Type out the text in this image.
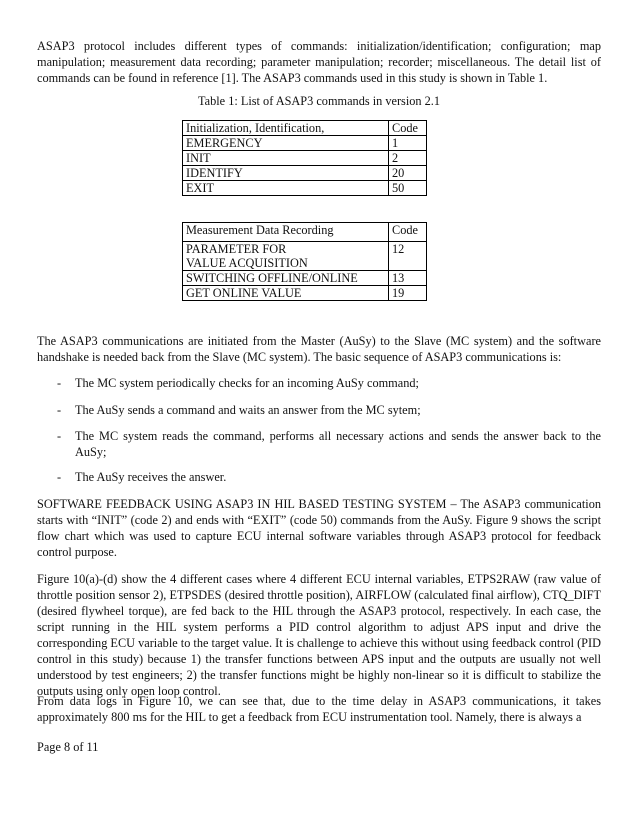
ASAP3 protocol includes different types of commands: initialization/identification; configuration; map manipulation; measurement data recording; parameter manipulation; recorder; miscellaneous. The detail list of commands can be found in reference [1]. The ASAP3 commands used in this study is shown in Table 1.

Table 1: List of ASAP3 commands in version 2.1
Initialization, Identification,	Code
EMERGENCY	1
INIT	2
IDENTIFY	20
EXIT	50
Measurement Data Recording	Code
PARAMETER FOR VALUE ACQUISITION	12
SWITCHING OFFLINE/ONLINE	13
GET ONLINE VALUE	19

The ASAP3 communications are initiated from the Master (AuSy) to the Slave (MC system) and the software handshake is needed back from the Slave (MC system). The basic sequence of ASAP3 communications is:

- The MC system periodically checks for an incoming AuSy command;
- The AuSy sends a command and waits an answer from the MC sytem;
- The MC system reads the command, performs all necessary actions and sends the answer back to the AuSy;
- The AuSy receives the answer.

SOFTWARE FEEDBACK USING ASAP3 IN HIL BASED TESTING SYSTEM – The ASAP3 communication starts with “INIT” (code 2) and ends with “EXIT” (code 50) commands from the AuSy. Figure 9 shows the script flow chart which was used to capture ECU internal software variables through ASAP3 protocol for feedback control purpose.

Figure 10(a)-(d) show the 4 different cases where 4 different ECU internal variables, ETPS2RAW (raw value of throttle position sensor 2), ETPSDES (desired throttle position), AIRFLOW (calculated final airflow), CTQ_DIFT (desired flywheel torque), are fed back to the HIL through the ASAP3 protocol, respectively. In each case, the script running in the HIL system performs a PID control algorithm to adjust APS input and drive the corresponding ECU variable to the target value. It is challenge to achieve this without using feedback control (PID control in this study) because 1) the transfer functions between APS input and the outputs are usually not well understood by test engineers; 2) the transfer functions might be highly non-linear so it is difficult to stabilize the outputs using only open loop control.

From data logs in Figure 10, we can see that, due to the time delay in ASAP3 communications, it takes approximately 800 ms for the HIL to get a feedback from ECU instrumentation tool. Namely, there is always a

Page 8 of 11
